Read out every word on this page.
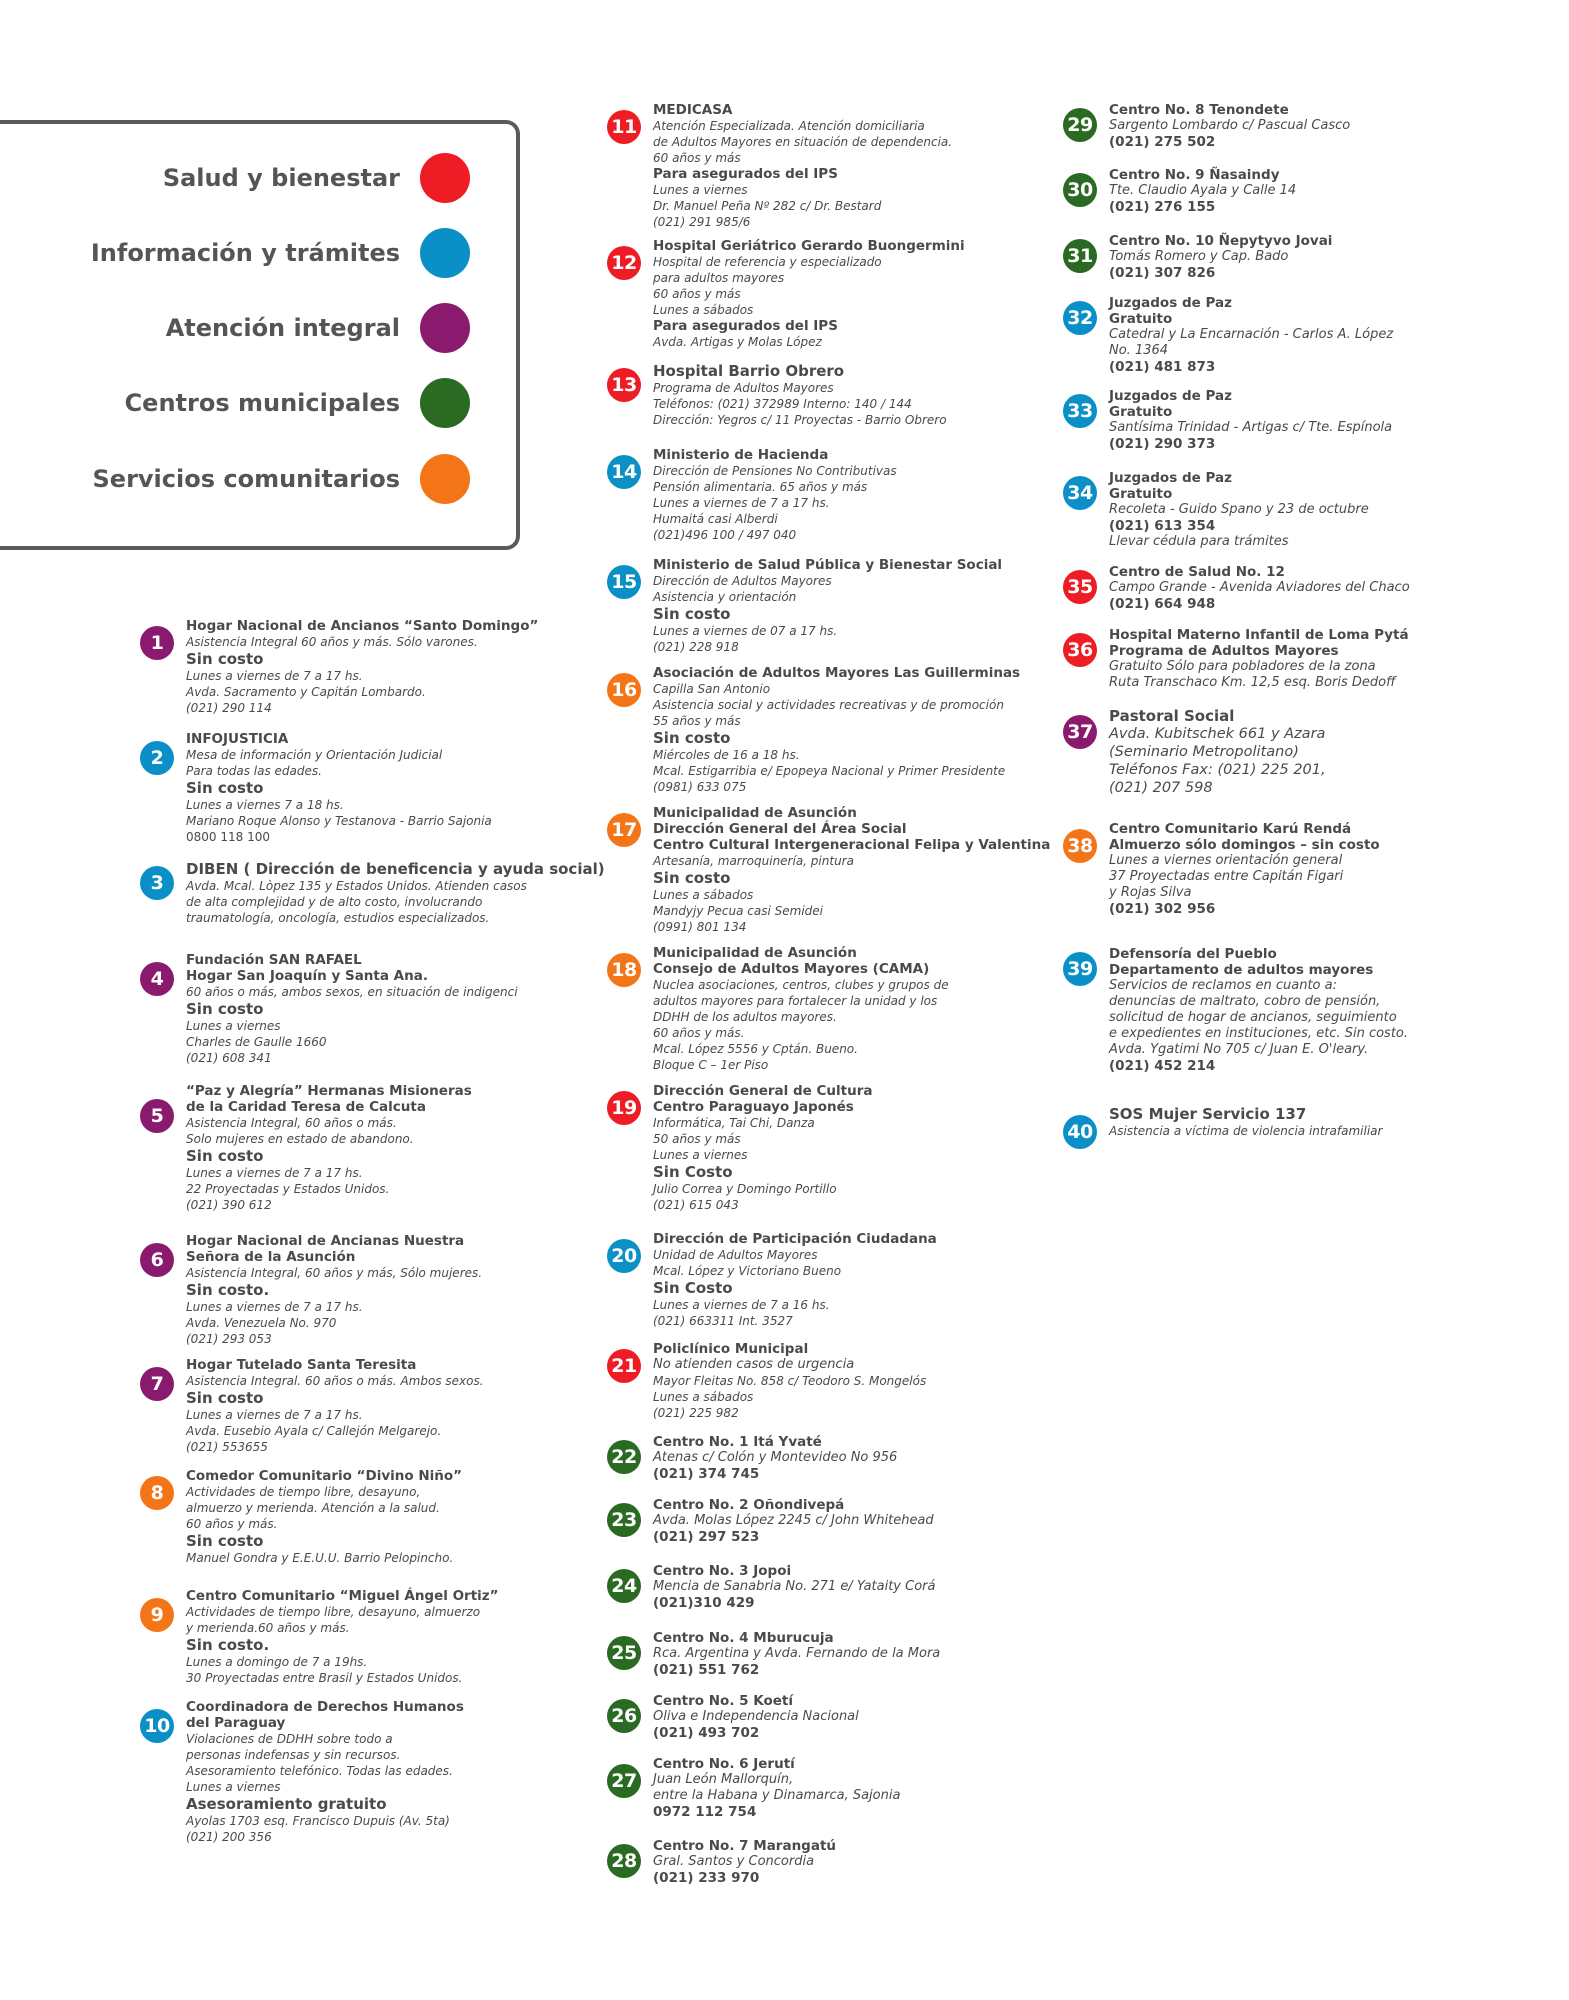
Salud y bienestar
Información y trámites
Atención integral
Centros municipales
Servicios comunitarios
1
Hogar Nacional de Ancianos “Santo Domingo”
Asistencia Integral 60 años y más. Sólo varones.
Sin costo
Lunes a viernes de 7 a 17 hs.
Avda. Sacramento y Capitán Lombardo.
(021) 290 114
2
INFOJUSTICIA
Mesa de información y Orientación Judicial
Para todas las edades.
Sin costo
Lunes a viernes 7 a 18 hs.
Mariano Roque Alonso y Testanova - Barrio Sajonia
0800 118 100
3
DIBEN ( Dirección de beneficencia y ayuda social)
Avda. Mcal. Lòpez 135 y Estados Unidos. Atienden casos
de alta complejidad y de alto costo, involucrando
traumatología, oncología, estudios especializados.
4
Fundación SAN RAFAEL
Hogar San Joaquín y Santa Ana.
60 años o más, ambos sexos, en situación de indigenci
Sin costo
Lunes a viernes
Charles de Gaulle 1660
(021) 608 341
5
“Paz y Alegría” Hermanas Misioneras
de la Caridad Teresa de Calcuta
Asistencia Integral, 60 años o más.
Solo mujeres en estado de abandono.
Sin costo
Lunes a viernes de 7 a 17 hs.
22 Proyectadas y Estados Unidos.
(021) 390 612
6
Hogar Nacional de Ancianas Nuestra
Señora de la Asunción
Asistencia Integral, 60 años y más, Sólo mujeres.
Sin costo.
Lunes a viernes de 7 a 17 hs.
Avda. Venezuela No. 970
(021) 293 053
7
Hogar Tutelado Santa Teresita
Asistencia Integral. 60 años o más. Ambos sexos.
Sin costo
Lunes a viernes de 7 a 17 hs.
Avda. Eusebio Ayala c/ Callejón Melgarejo.
(021) 553655
8
Comedor Comunitario “Divino Niño”
Actividades de tiempo libre, desayuno,
almuerzo y merienda. Atención a la salud.
60 años y más.
Sin costo
Manuel Gondra y E.E.U.U. Barrio Pelopincho.
9
Centro Comunitario “Miguel Ángel Ortiz”
Actividades de tiempo libre, desayuno, almuerzo
y merienda.60 años y más.
Sin costo.
Lunes a domingo de 7 a 19hs.
30 Proyectadas entre Brasil y Estados Unidos.
10
Coordinadora de Derechos Humanos
del Paraguay
Violaciones de DDHH sobre todo a
personas indefensas y sin recursos.
Asesoramiento telefónico. Todas las edades.
Lunes a viernes
Asesoramiento gratuito
Ayolas 1703 esq. Francisco Dupuis (Av. 5ta)
(021) 200 356
11
MEDICASA
Atención Especializada. Atención domiciliaria
de Adultos Mayores en situación de dependencia.
60 años y más
Para asegurados del IPS
Lunes a viernes
Dr. Manuel Peña Nº 282 c/ Dr. Bestard
(021) 291 985/6
12
Hospital Geriátrico Gerardo Buongermini
Hospital de referencia y especializado
para adultos mayores
60 años y más
Lunes a sábados
Para asegurados del IPS
Avda. Artigas y Molas López
13
Hospital Barrio Obrero
Programa de Adultos Mayores
Teléfonos: (021) 372989 Interno: 140 / 144
Dirección: Yegros c/ 11 Proyectas - Barrio Obrero
14
Ministerio de Hacienda
Dirección de Pensiones No Contributivas
Pensión alimentaria. 65 años y más
Lunes a viernes de 7 a 17 hs.
Humaitá casi Alberdi
(021)496 100 / 497 040
15
Ministerio de Salud Pública y Bienestar Social
Dirección de Adultos Mayores
Asistencia y orientación
Sin costo
Lunes a viernes de 07 a 17 hs.
(021) 228 918
16
Asociación de Adultos Mayores Las Guillerminas
Capilla San Antonio
Asistencia social y actividades recreativas y de promoción
55 años y más
Sin costo
Miércoles de 16 a 18 hs.
Mcal. Estigarribia e/ Epopeya Nacional y Primer Presidente
(0981) 633 075
17
Municipalidad de Asunción
Dirección General del Área Social
Centro Cultural Intergeneracional Felipa y Valentina
Artesanía, marroquinería, pintura
Sin costo
Lunes a sábados
Mandyjy Pecua casi Semidei
(0991) 801 134
18
Municipalidad de Asunción
Consejo de Adultos Mayores (CAMA)
Nuclea asociaciones, centros, clubes y grupos de
adultos mayores para fortalecer la unidad y los
DDHH de los adultos mayores.
60 años y más.
Mcal. López 5556 y Cptán. Bueno.
Bloque C – 1er Piso
19
Dirección General de Cultura
Centro Paraguayo Japonés
Informática, Tai Chi, Danza
50 años y más
Lunes a viernes
Sin Costo
Julio Correa y Domingo Portillo
(021) 615 043
20
Dirección de Participación Ciudadana
Unidad de Adultos Mayores
Mcal. López y Victoriano Bueno
Sin Costo
Lunes a viernes de 7 a 16 hs.
(021) 663311 Int. 3527
21
Policlínico Municipal
No atienden casos de urgencia
Mayor Fleitas No. 858 c/ Teodoro S. Mongelós
Lunes a sábados
(021) 225 982
22
Centro No. 1 Itá Yvaté
Atenas c/ Colón y Montevideo No 956
(021) 374 745
23
Centro No. 2 Oñondivepá
Avda. Molas López 2245 c/ John Whitehead
(021) 297 523
24
Centro No. 3 Jopoi
Mencia de Sanabria No. 271 e/ Yataity Corá
(021)310 429
25
Centro No. 4 Mburucuja
Rca. Argentina y Avda. Fernando de la Mora
(021) 551 762
26
Centro No. 5 Koetí
Oliva e Independencia Nacional
(021) 493 702
27
Centro No. 6 Jerutí
Juan León Mallorquín,
entre la Habana y Dinamarca, Sajonia
0972 112 754
28
Centro No. 7 Marangatú
Gral. Santos y Concordia
(021) 233 970
29
Centro No. 8 Tenondete
Sargento Lombardo c/ Pascual Casco
(021) 275 502
30
Centro No. 9 Ñasaindy
Tte. Claudio Ayala y Calle 14
(021) 276 155
31
Centro No. 10 Ñepytyvo Jovai
Tomás Romero y Cap. Bado
(021) 307 826
32
Juzgados de Paz
Gratuito
Catedral y La Encarnación - Carlos A. López
No. 1364
(021) 481 873
33
Juzgados de Paz
Gratuito
Santísima Trinidad - Artigas c/ Tte. Espínola
(021) 290 373
34
Juzgados de Paz
Gratuito
Recoleta - Guido Spano y 23 de octubre
(021) 613 354
Llevar cédula para trámites
35
Centro de Salud No. 12
Campo Grande - Avenida Aviadores del Chaco
(021) 664 948
36
Hospital Materno Infantil de Loma Pytá
Programa de Adultos Mayores
Gratuito Sólo para pobladores de la zona
Ruta Transchaco Km. 12,5 esq. Boris Dedoff
37
Pastoral Social
Avda. Kubitschek 661 y Azara
(Seminario Metropolitano)
Teléfonos Fax: (021) 225 201,
(021) 207 598
38
Centro Comunitario Karú Rendá
Almuerzo sólo domingos – sin costo
Lunes a viernes orientación general
37 Proyectadas entre Capitán Figari
y Rojas Silva
(021) 302 956
39
Defensoría del Pueblo
Departamento de adultos mayores
Servicios de reclamos en cuanto a:
denuncias de maltrato, cobro de pensión,
solicitud de hogar de ancianos, seguimiento
e expedientes en instituciones, etc. Sin costo.
Avda. Ygatimi No 705 c/ Juan E. O'leary.
(021) 452 214
40
SOS Mujer Servicio 137
Asistencia a víctima de violencia intrafamiliar
